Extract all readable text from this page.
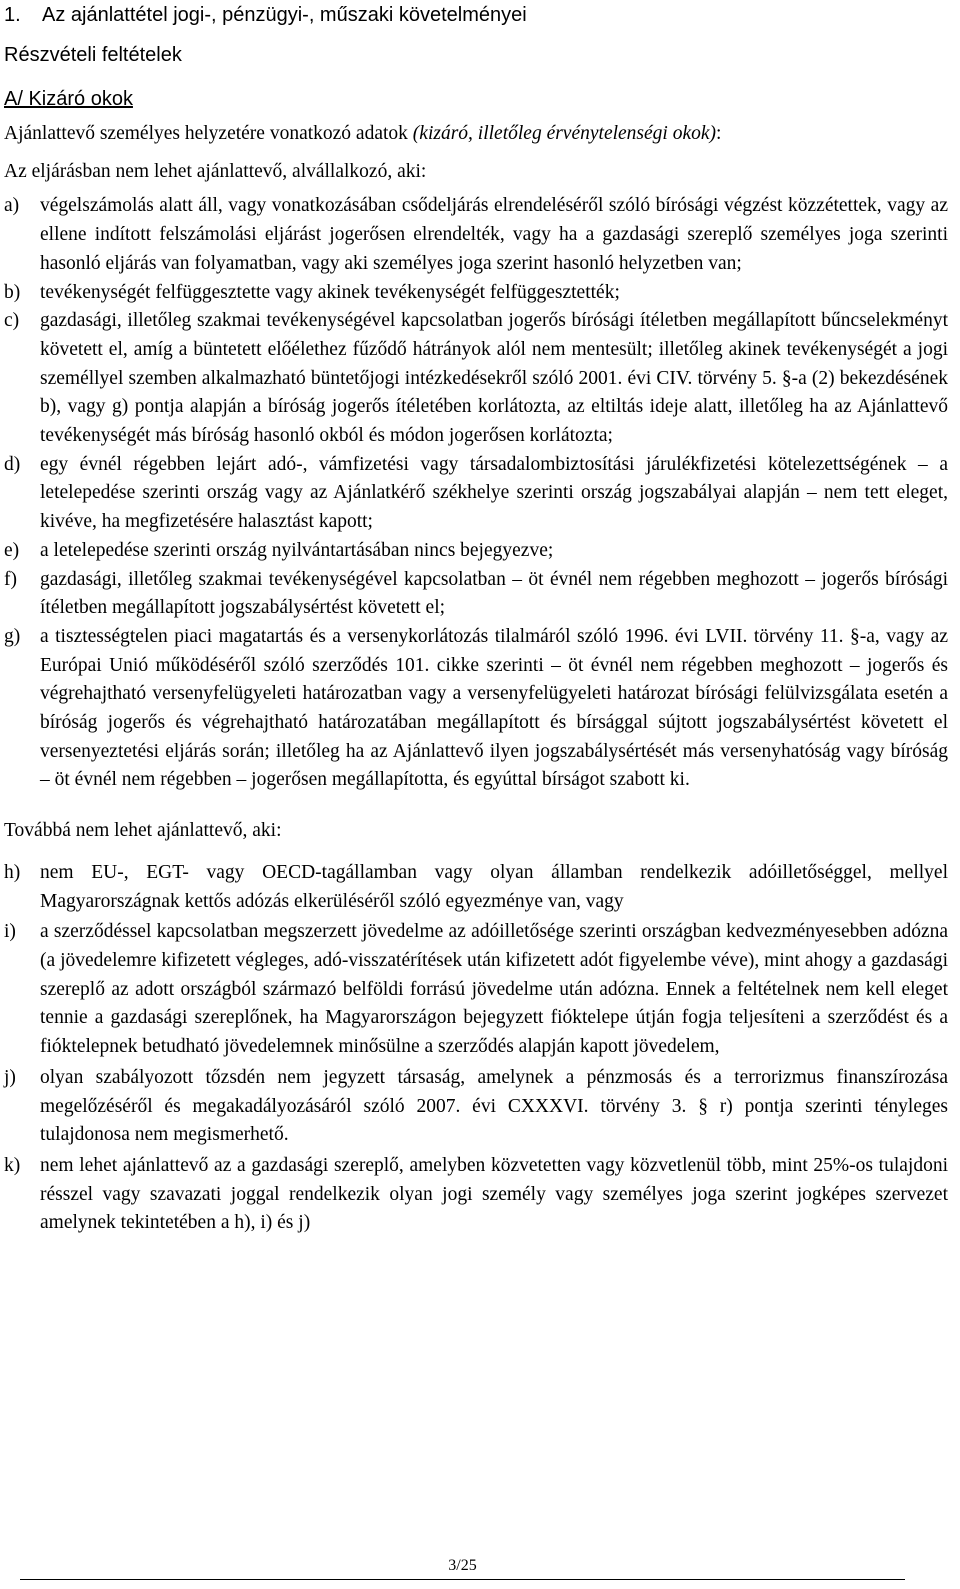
1.	Az ajánlattétel jogi-, pénzügyi-, műszaki követelményei
Részvételi feltételek
A/ Kizáró okok
Ajánlattevő személyes helyzetére vonatkozó adatok (kizáró, illetőleg érvénytelenségi okok):
Az eljárásban nem lehet ajánlattevő, alvállalkozó, aki:
a)	végelszámolás alatt áll, vagy vonatkozásában csődeljárás elrendeléséről szóló bírósági végzést közzétettek, vagy az ellene indított felszámolási eljárást jogerősen elrendelték, vagy ha a gazdasági szereplő személyes joga szerinti hasonló eljárás van folyamatban, vagy aki személyes joga szerint hasonló helyzetben van;
b)	tevékenységét felfüggesztette vagy akinek tevékenységét felfüggesztették;
c)	gazdasági, illetőleg szakmai tevékenységével kapcsolatban jogerős bírósági ítéletben megállapított bűncselekményt követett el, amíg a büntetett előélethez fűződő hátrányok alól nem mentesült; illetőleg akinek tevékenységét a jogi személlyel szemben alkalmazható büntetőjogi intézkedésekről szóló 2001. évi CIV. törvény 5. §-a (2) bekezdésének b), vagy g) pontja alapján a bíróság jogerős ítéletében korlátozta, az eltiltás ideje alatt, illetőleg ha az Ajánlattevő tevékenységét más bíróság hasonló okból és módon jogerősen korlátozta;
d)	egy évnél régebben lejárt adó-, vámfizetési vagy társadalombiztosítási járulékfizetési kötelezettségének – a letelepedése szerinti ország vagy az Ajánlatkérő székhelye szerinti ország jogszabályai alapján – nem tett eleget, kivéve, ha megfizetésére halasztást kapott;
e)	a letelepedése szerinti ország nyilvántartásában nincs bejegyezve;
f)	gazdasági, illetőleg szakmai tevékenységével kapcsolatban – öt évnél nem régebben meghozott – jogerős bírósági ítéletben megállapított jogszabálysértést követett el;
g)	a tisztességtelen piaci magatartás és a versenykorlátozás tilalmáról szóló 1996. évi LVII. törvény 11. §-a, vagy az Európai Unió működéséről szóló szerződés 101. cikke szerinti – öt évnél nem régebben meghozott – jogerős és végrehajtható versenyfelügyeleti határozatban vagy a versenyfelügyeleti határozat bírósági felülvizsgálata esetén a bíróság jogerős és végrehajtható határozatában megállapított és bírsággal sújtott jogszabálysértést követett el versenyeztetési eljárás során; illetőleg ha az Ajánlattevő ilyen jogszabálysértését más versenyhatóság vagy bíróság – öt évnél nem régebben – jogerősen megállapította, és egyúttal bírságot szabott ki.
Továbbá nem lehet ajánlattevő, aki:
h)	nem EU-, EGT- vagy OECD-tagállamban vagy olyan államban rendelkezik adóilletőséggel, mellyel Magyarországnak kettős adózás elkerüléséről szóló egyezménye van, vagy
i)	a szerződéssel kapcsolatban megszerzett jövedelme az adóilletősége szerinti országban kedvezményesebben adózna (a jövedelemre kifizetett végleges, adó-visszatérítések után kifizetett adót figyelembe véve), mint ahogy a gazdasági szereplő az adott országból származó belföldi forrású jövedelme után adózna. Ennek a feltételnek nem kell eleget tennie a gazdasági szereplőnek, ha Magyarországon bejegyzett fióktelepe útján fogja teljesíteni a szerződést és a fióktelepnek betudható jövedelemnek minősülne a szerződés alapján kapott jövedelem,
j)	olyan szabályozott tőzsdén nem jegyzett társaság, amelynek a pénzmosás és a terrorizmus finanszírozása megelőzéséről és megakadályozásáról szóló 2007. évi CXXXVI. törvény 3. § r) pontja szerinti tényleges tulajdonosa nem megismerhető.
k)	nem lehet ajánlattevő az a gazdasági szereplő, amelyben közvetetten vagy közvetlenül több, mint 25%-os tulajdoni résszel vagy szavazati joggal rendelkezik olyan jogi személy vagy személyes joga szerint jogképes szervezet amelynek tekintetében a h), i) és j)
3/25
